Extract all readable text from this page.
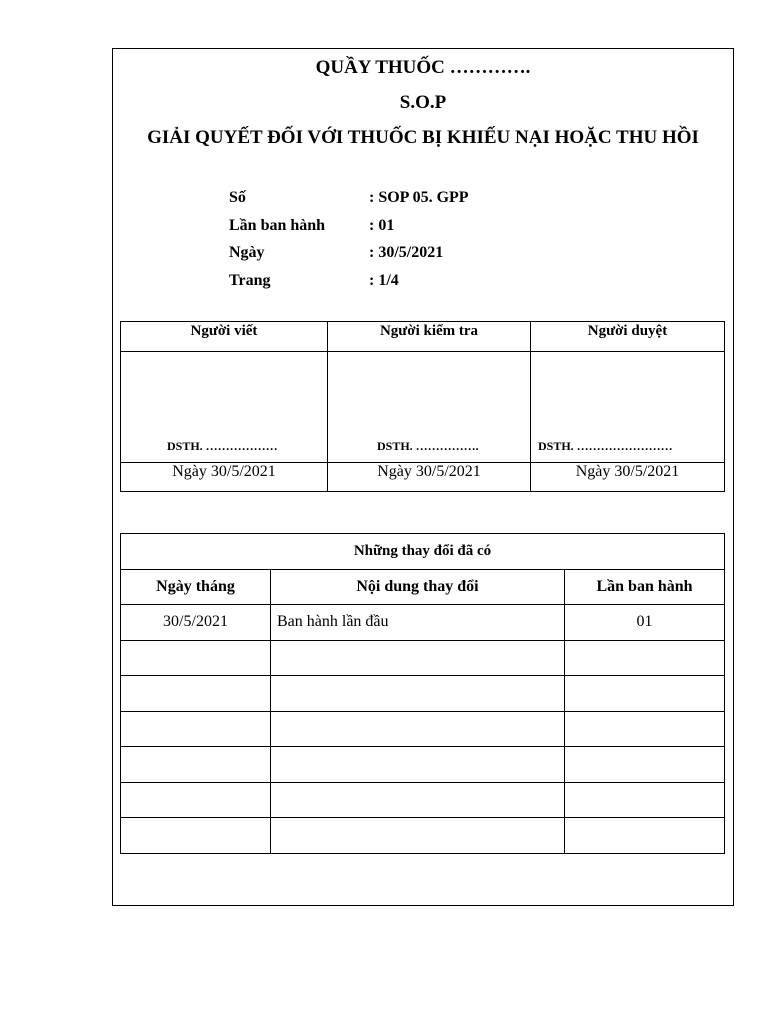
QUẦY THUỐC ………….
S.O.P
GIẢI QUYẾT ĐỐI VỚI THUỐC BỊ KHIẾU NẠI HOẶC THU HỒI
Số	: SOP 05. GPP
Lần ban hành	: 01
Ngày	: 30/5/2021
Trang	: 1/4
Người viết	Người kiểm tra	Người duyệt

DSTH. ………………	DSTH. …………….	DSTH. ……………………

Ngày 30/5/2021	Ngày 30/5/2021	Ngày 30/5/2021
Những thay đổi đã có		
Ngày tháng	Nội dung thay đổi	Lần ban hành
30/5/2021	Ban hành lần đầu	01
